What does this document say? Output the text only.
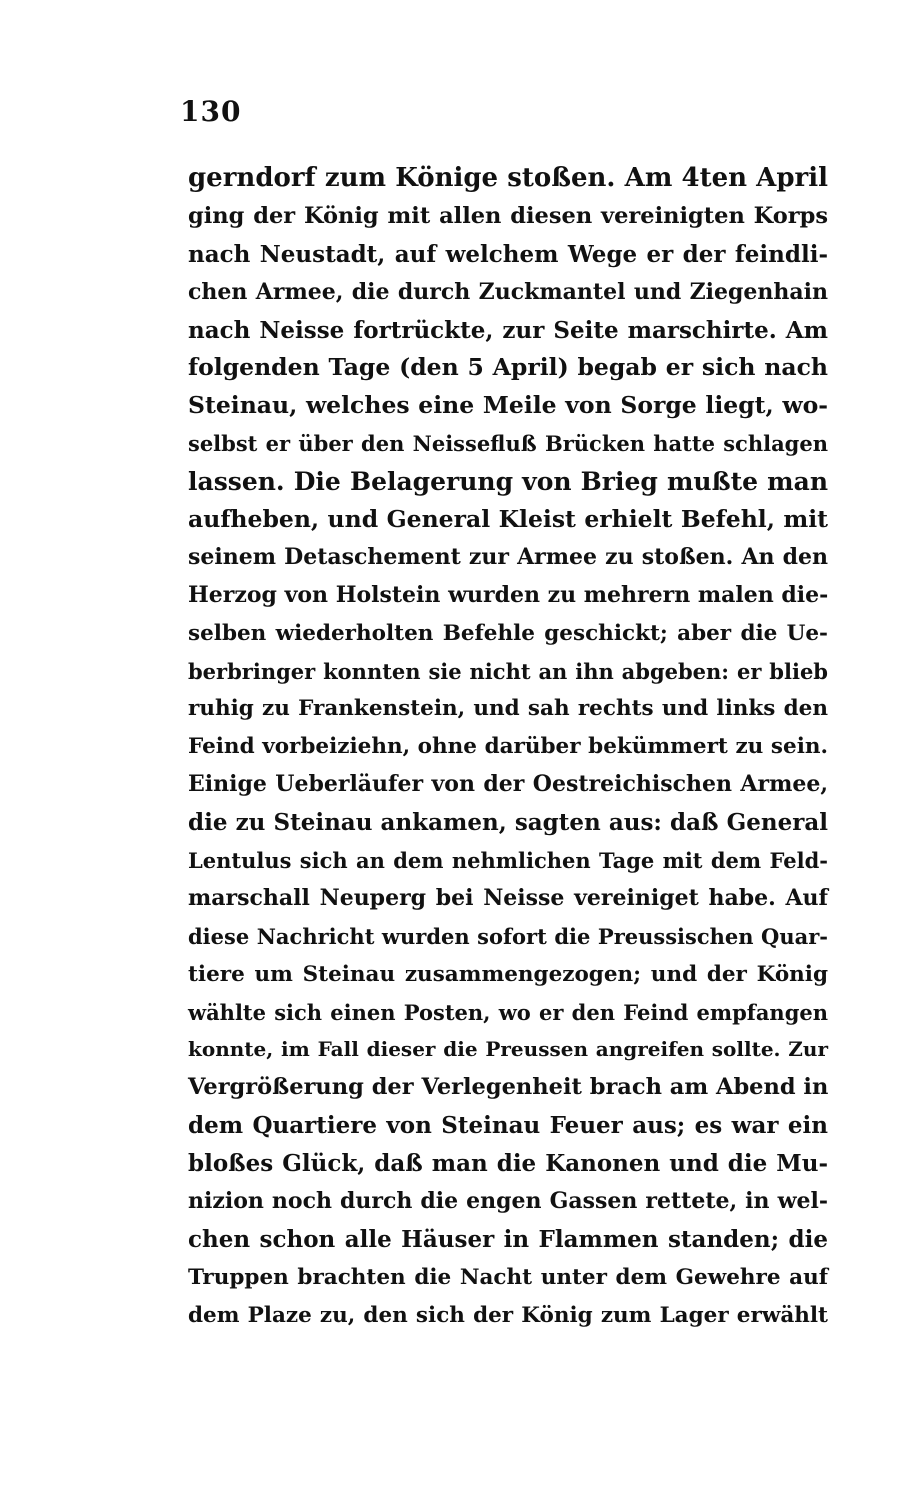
130
gerndorf zum Könige stoßen. Am 4ten April
ging der König mit allen diesen vereinigten Korps
nach Neustadt, auf welchem Wege er der feindli-
chen Armee, die durch Zuckmantel und Ziegenhain
nach Neisse fortrückte, zur Seite marschirte. Am
folgenden Tage (den 5 April) begab er sich nach
Steinau, welches eine Meile von Sorge liegt, wo-
selbst er über den Neissefluß Brücken hatte schlagen
lassen. Die Belagerung von Brieg mußte man
aufheben, und General Kleist erhielt Befehl, mit
seinem Detaschement zur Armee zu stoßen. An den
Herzog von Holstein wurden zu mehrern malen die-
selben wiederholten Befehle geschickt; aber die Ue-
berbringer konnten sie nicht an ihn abgeben: er blieb
ruhig zu Frankenstein, und sah rechts und links den
Feind vorbeiziehn, ohne darüber bekümmert zu sein.
Einige Ueberläufer von der Oestreichischen Armee,
die zu Steinau ankamen, sagten aus: daß General
Lentulus sich an dem nehmlichen Tage mit dem Feld-
marschall Neuperg bei Neisse vereiniget habe. Auf
diese Nachricht wurden sofort die Preussischen Quar-
tiere um Steinau zusammengezogen; und der König
wählte sich einen Posten, wo er den Feind empfangen
konnte, im Fall dieser die Preussen angreifen sollte. Zur
Vergrößerung der Verlegenheit brach am Abend in
dem Quartiere von Steinau Feuer aus; es war ein
bloßes Glück, daß man die Kanonen und die Mu-
nizion noch durch die engen Gassen rettete, in wel-
chen schon alle Häuser in Flammen standen; die
Truppen brachten die Nacht unter dem Gewehre auf
dem Plaze zu, den sich der König zum Lager erwählt
